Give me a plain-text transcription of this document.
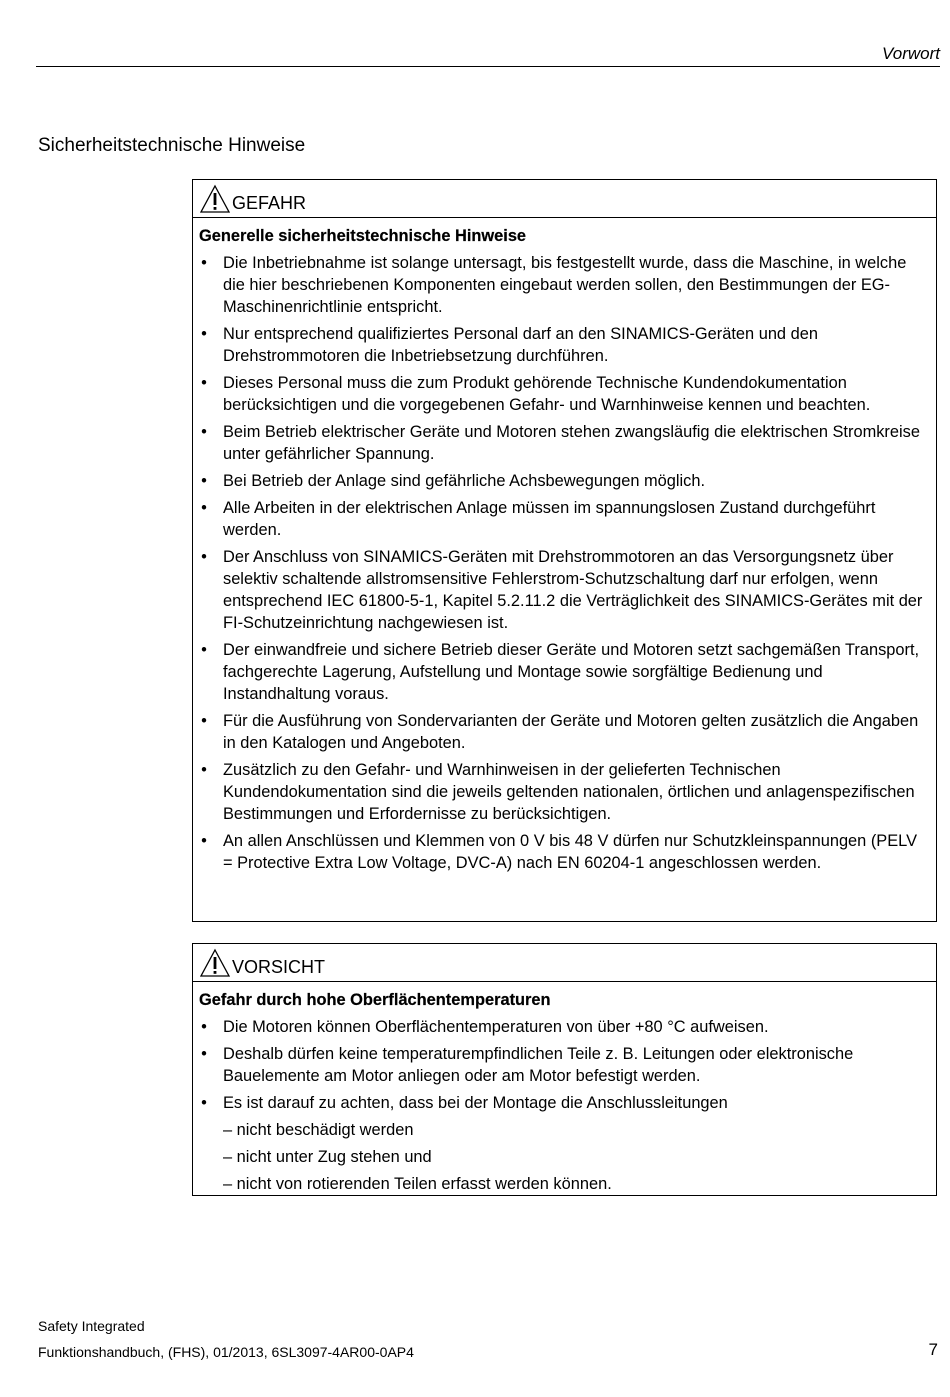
Vorwort
Sicherheitstechnische Hinweise
GEFAHR
Generelle sicherheitstechnische Hinweise
• Die Inbetriebnahme ist solange untersagt, bis festgestellt wurde, dass die Maschine, in welche die hier beschriebenen Komponenten eingebaut werden sollen, den Bestimmungen der EG-Maschinenrichtlinie entspricht.
• Nur entsprechend qualifiziertes Personal darf an den SINAMICS-Geräten und den Drehstrommotoren die Inbetriebsetzung durchführen.
• Dieses Personal muss die zum Produkt gehörende Technische Kundendokumentation berücksichtigen und die vorgegebenen Gefahr- und Warnhinweise kennen und beachten.
• Beim Betrieb elektrischer Geräte und Motoren stehen zwangsläufig die elektrischen Stromkreise unter gefährlicher Spannung.
• Bei Betrieb der Anlage sind gefährliche Achsbewegungen möglich.
• Alle Arbeiten in der elektrischen Anlage müssen im spannungslosen Zustand durchgeführt werden.
• Der Anschluss von SINAMICS-Geräten mit Drehstrommotoren an das Versorgungsnetz über selektiv schaltende allstromsensitive Fehlerstrom-Schutzschaltung darf nur erfolgen, wenn entsprechend IEC 61800-5-1, Kapitel 5.2.11.2 die Verträglichkeit des SINAMICS-Gerätes mit der FI-Schutzeinrichtung nachgewiesen ist.
• Der einwandfreie und sichere Betrieb dieser Geräte und Motoren setzt sachgemäßen Transport, fachgerechte Lagerung, Aufstellung und Montage sowie sorgfältige Bedienung und Instandhaltung voraus.
• Für die Ausführung von Sondervarianten der Geräte und Motoren gelten zusätzlich die Angaben in den Katalogen und Angeboten.
• Zusätzlich zu den Gefahr- und Warnhinweisen in der gelieferten Technischen Kundendokumentation sind die jeweils geltenden nationalen, örtlichen und anlagenspezifischen Bestimmungen und Erfordernisse zu berücksichtigen.
• An allen Anschlüssen und Klemmen von 0 V bis 48 V dürfen nur Schutzkleinspannungen (PELV = Protective Extra Low Voltage, DVC-A) nach EN 60204-1 angeschlossen werden.
VORSICHT
Gefahr durch hohe Oberflächentemperaturen
• Die Motoren können Oberflächentemperaturen von über +80 °C aufweisen.
• Deshalb dürfen keine temperaturempfindlichen Teile z. B. Leitungen oder elektronische Bauelemente am Motor anliegen oder am Motor befestigt werden.
• Es ist darauf zu achten, dass bei der Montage die Anschlussleitungen
– nicht beschädigt werden
– nicht unter Zug stehen und
– nicht von rotierenden Teilen erfasst werden können.
Safety Integrated
Funktionshandbuch, (FHS), 01/2013, 6SL3097-4AR00-0AP4	7
